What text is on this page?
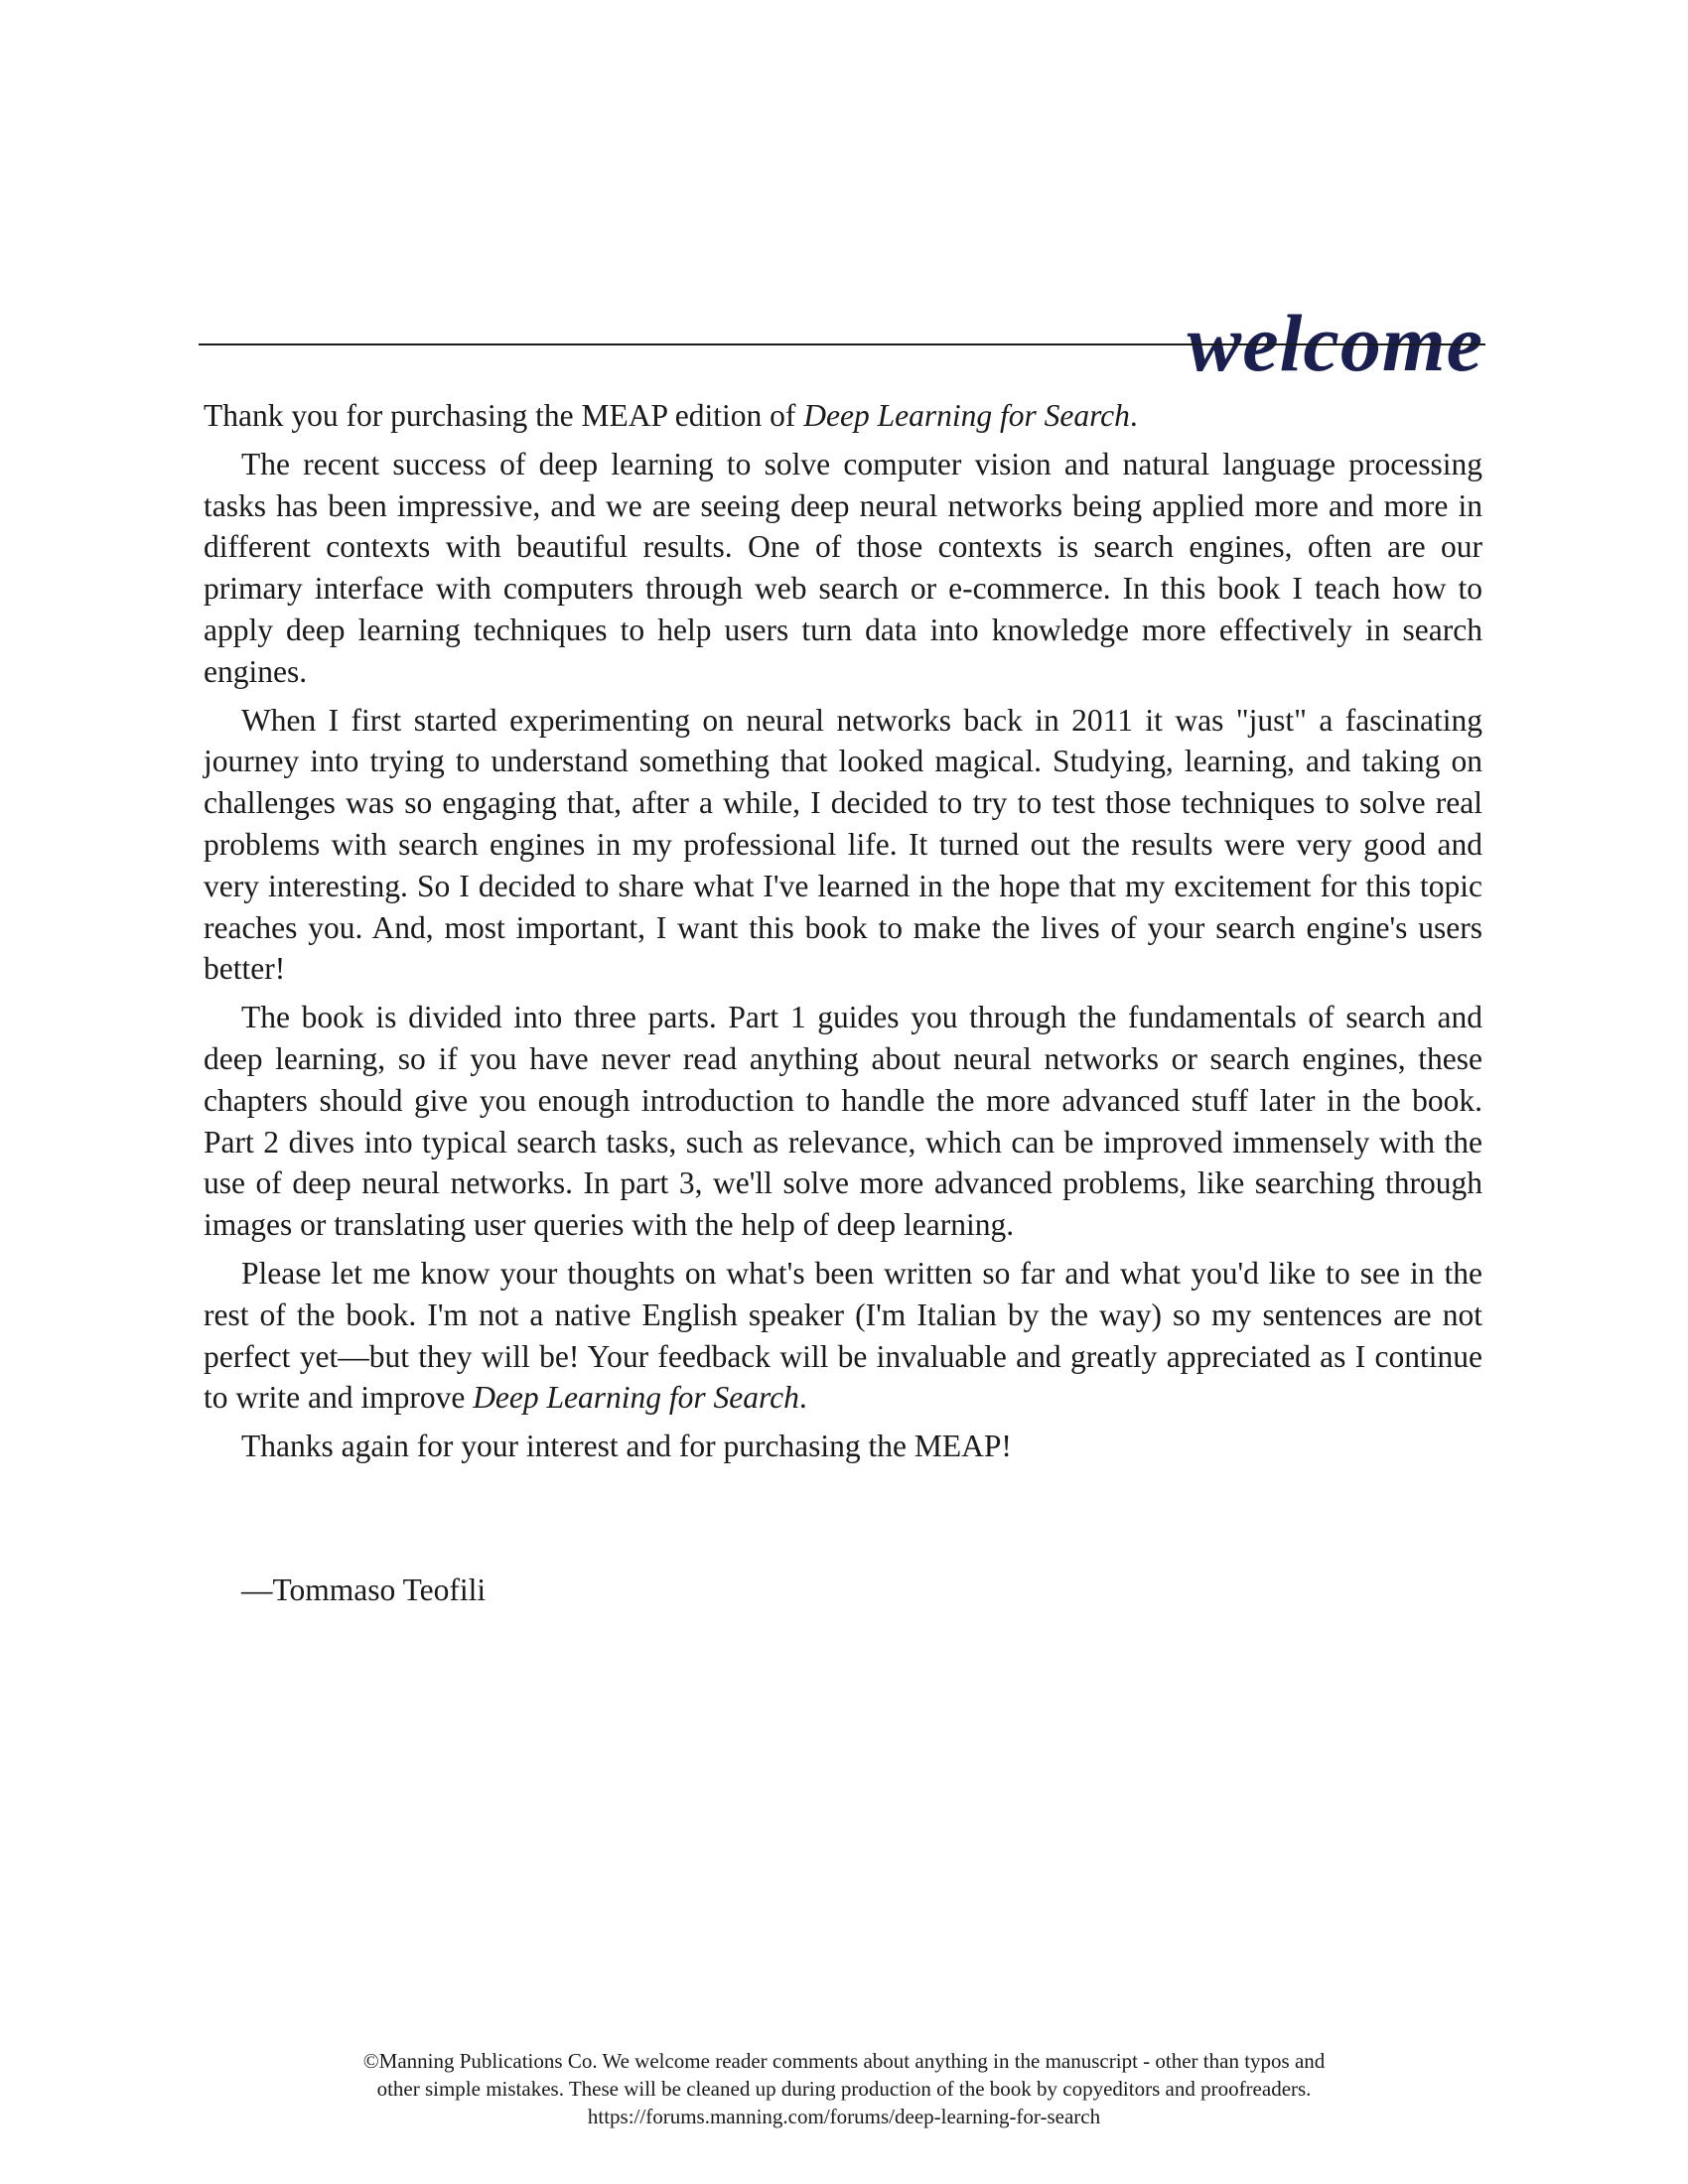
welcome

Thank you for purchasing the MEAP edition of Deep Learning for Search.

The recent success of deep learning to solve computer vision and natural language processing tasks has been impressive, and we are seeing deep neural networks being applied more and more in different contexts with beautiful results. One of those contexts is search engines, often are our primary interface with computers through web search or e-commerce. In this book I teach how to apply deep learning techniques to help users turn data into knowledge more effectively in search engines.

When I first started experimenting on neural networks back in 2011 it was "just" a fascinating journey into trying to understand something that looked magical. Studying, learning, and taking on challenges was so engaging that, after a while, I decided to try to test those techniques to solve real problems with search engines in my professional life. It turned out the results were very good and very interesting. So I decided to share what I've learned in the hope that my excitement for this topic reaches you. And, most important, I want this book to make the lives of your search engine's users better!

The book is divided into three parts. Part 1 guides you through the fundamentals of search and deep learning, so if you have never read anything about neural networks or search engines, these chapters should give you enough introduction to handle the more advanced stuff later in the book. Part 2 dives into typical search tasks, such as relevance, which can be improved immensely with the use of deep neural networks. In part 3, we'll solve more advanced problems, like searching through images or translating user queries with the help of deep learning.

Please let me know your thoughts on what's been written so far and what you'd like to see in the rest of the book. I'm not a native English speaker (I'm Italian by the way) so my sentences are not perfect yet—but they will be! Your feedback will be invaluable and greatly appreciated as I continue to write and improve Deep Learning for Search.

Thanks again for your interest and for purchasing the MEAP!

—Tommaso Teofili
©Manning Publications Co. We welcome reader comments about anything in the manuscript - other than typos and
other simple mistakes. These will be cleaned up during production of the book by copyeditors and proofreaders.
https://forums.manning.com/forums/deep-learning-for-search
